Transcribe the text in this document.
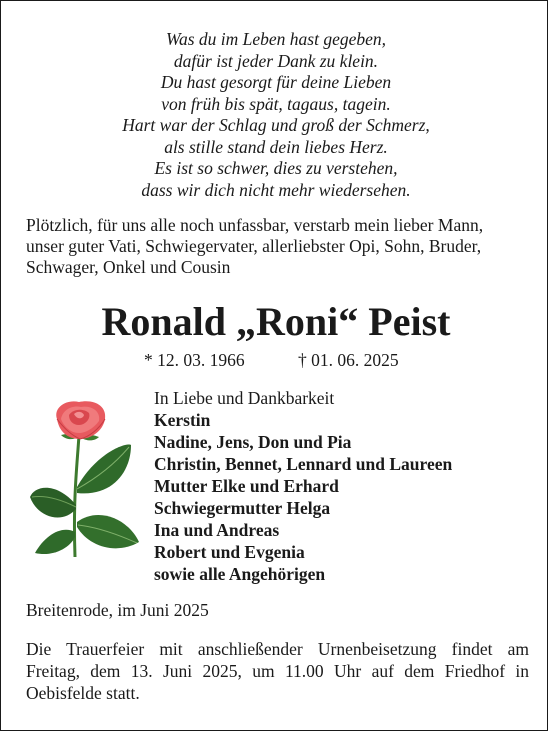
Was du im Leben hast gegeben,
dafür ist jeder Dank zu klein.
Du hast gesorgt für deine Lieben
von früh bis spät, tagaus, tagein.
Hart war der Schlag und groß der Schmerz,
als stille stand dein liebes Herz.
Es ist so schwer, dies zu verstehen,
dass wir dich nicht mehr wiedersehen.
Plötzlich, für uns alle noch unfassbar, verstarb mein lieber Mann,
unser guter Vati, Schwiegervater, allerliebster Opi, Sohn, Bruder,
Schwager, Onkel und Cousin
Ronald „Roni“ Peist
* 12. 03. 1966	† 01. 06. 2025
In Liebe und Dankbarkeit
Kerstin
Nadine, Jens, Don und Pia
Christin, Bennet, Lennard und Laureen
Mutter Elke und Erhard
Schwiegermutter Helga
Ina und Andreas
Robert und Evgenia
sowie alle Angehörigen
Breitenrode, im Juni 2025
Die Trauerfeier mit anschließender Urnenbeisetzung findet am
Freitag, dem 13. Juni 2025, um 11.00 Uhr auf dem Friedhof in
Oebisfelde statt.
